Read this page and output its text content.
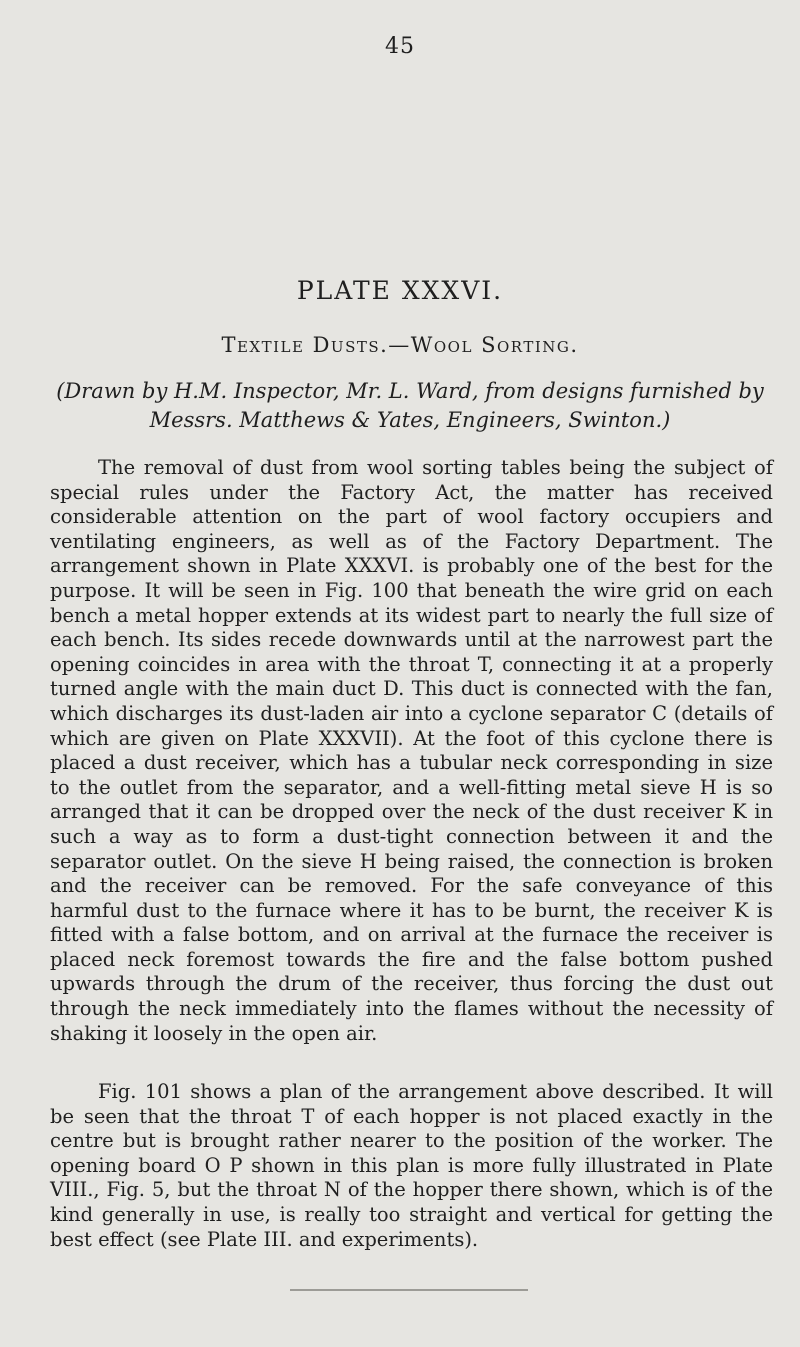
45
PLATE XXXVI.
Textile Dusts.—Wool Sorting.
(Drawn by H.M. Inspector, Mr. L. Ward, from designs furnished by Messrs. Matthews & Yates, Engineers, Swinton.)

The removal of dust from wool sorting tables being the subject of special rules under the Factory Act, the matter has received considerable attention on the part of wool factory occupiers and ventilating engineers, as well as of the Factory Department. The arrangement shown in Plate XXXVI. is probably one of the best for the purpose. It will be seen in Fig. 100 that beneath the wire grid on each bench a metal hopper extends at its widest part to nearly the full size of each bench. Its sides recede downwards until at the narrowest part the opening coincides in area with the throat T, connecting it at a properly turned angle with the main duct D. This duct is connected with the fan, which discharges its dust-laden air into a cyclone separator C (details of which are given on Plate XXXVII). At the foot of this cyclone there is placed a dust receiver, which has a tubular neck corresponding in size to the outlet from the separator, and a well-fitting metal sieve H is so arranged that it can be dropped over the neck of the dust receiver K in such a way as to form a dust-tight connection between it and the separator outlet. On the sieve H being raised, the connection is broken and the receiver can be removed. For the safe conveyance of this harmful dust to the furnace where it has to be burnt, the receiver K is fitted with a false bottom, and on arrival at the furnace the receiver is placed neck foremost towards the fire and the false bottom pushed upwards through the drum of the receiver, thus forcing the dust out through the neck immediately into the flames without the necessity of shaking it loosely in the open air.

Fig. 101 shows a plan of the arrangement above described. It will be seen that the throat T of each hopper is not placed exactly in the centre but is brought rather nearer to the position of the worker. The opening board O P shown in this plan is more fully illustrated in Plate VIII., Fig. 5, but the throat N of the hopper there shown, which is of the kind generally in use, is really too straight and vertical for getting the best effect (see Plate III. and experiments).
